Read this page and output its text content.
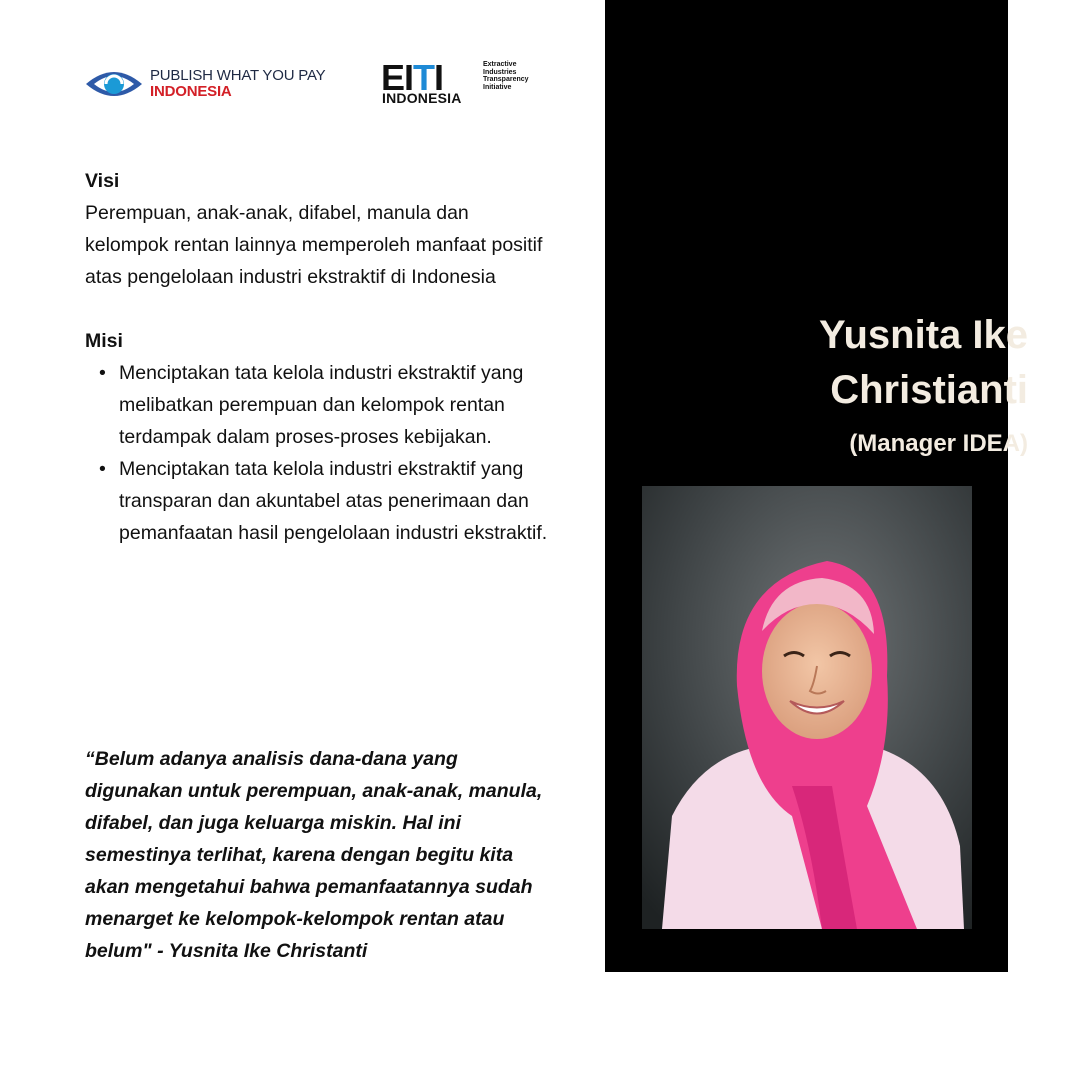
PUBLISH WHAT YOU PAY
INDONESIA	EITI
INDONESIA
Extractive
Industries
Transparency
Initiative
Visi
Perempuan, anak-anak, difabel, manula dan kelompok rentan lainnya memperoleh manfaat positif atas pengelolaan industri ekstraktif di Indonesia
Misi
• Menciptakan tata kelola industri ekstraktif yang melibatkan perempuan dan kelompok rentan terdampak dalam proses-proses kebijakan.
• Menciptakan tata kelola industri ekstraktif yang transparan dan akuntabel atas penerimaan dan pemanfaatan hasil pengelolaan industri ekstraktif.
“Belum adanya analisis dana-dana yang digunakan untuk perempuan, anak-anak, manula, difabel, dan juga keluarga miskin. Hal ini semestinya terlihat, karena dengan begitu kita akan mengetahui bahwa pemanfaatannya sudah menarget ke kelompok-kelompok rentan atau belum" - Yusnita Ike Christanti
Yusnita Ike Christianti
(Manager IDEA)
